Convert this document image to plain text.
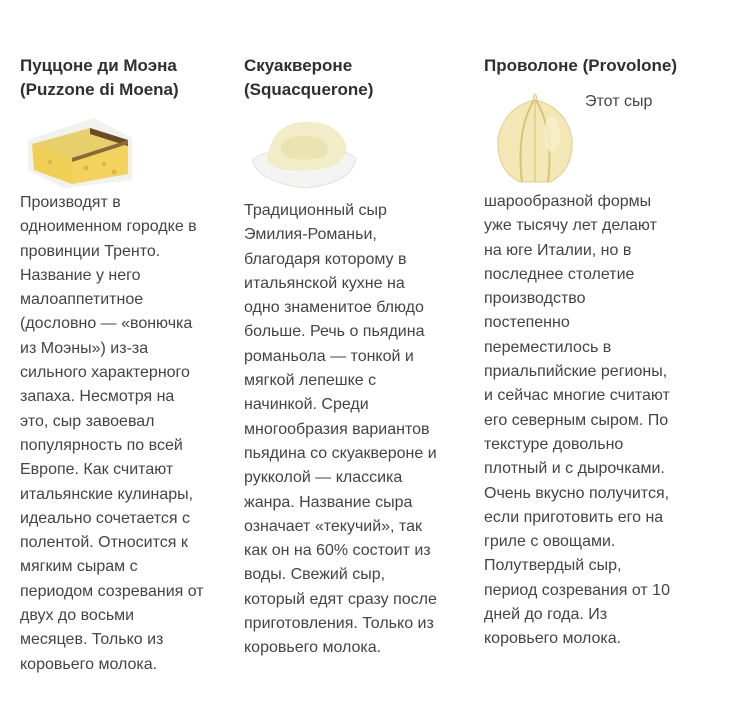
Пуццоне ди Моэна
(Puzzone di Moena)

Производят в
одноименном городке в
провинции Тренто.
Название у него
малоаппетитное
(дословно — «вонючка
из Моэны») из-за
сильного характерного
запаха. Несмотря на
это, сыр завоевал
популярность по всей
Европе. Как считают
итальянские кулинары,
идеально сочетается с
полентой. Относится к
мягким сырам с
периодом созревания от
двух до восьми
месяцев. Только из
коровьего молока.

Скуаквероне
(Squacquerone)

Традиционный сыр
Эмилия-Романьи,
благодаря которому в
итальянской кухне на
одно знаменитое блюдо
больше. Речь о пьядина
романьола — тонкой и
мягкой лепешке с
начинкой. Среди
многообразия вариантов
пьядина со скуаквероне и
рукколой — классика
жанра. Название сыра
означает «текучий», так
как он на 60% состоит из
воды. Свежий сыр,
который едят сразу после
приготовления. Только из
коровьего молока.

Проволоне (Provolone)

Этот сыр

шарообразной формы
уже тысячу лет делают
на юге Италии, но в
последнее столетие
производство
постепенно
переместилось в
приальпийские регионы,
и сейчас многие считают
его северным сыром. По
текстуре довольно
плотный и с дырочками.
Очень вкусно получится,
если приготовить его на
гриле с овощами.
Полутвердый сыр,
период созревания от 10
дней до года. Из
коровьего молока.
